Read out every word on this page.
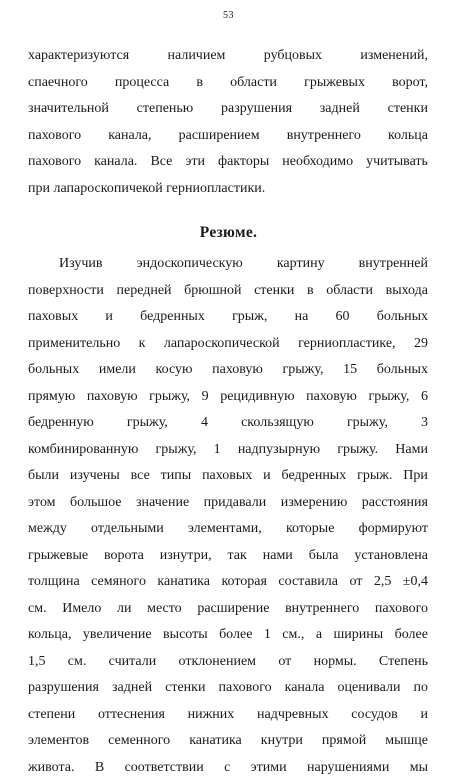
53
характеризуются	наличием	рубцовых	изменений,
спаечного процесса в области грыжевых ворот,
значительной степенью разрушения задней стенки
пахового канала, расширением внутреннего кольца
пахового канала. Все эти факторы необходимо учитывать
при лапароскопичекой герниопластики.
Резюме.
Изучив эндоскопическую картину внутренней
поверхности передней брюшной стенки в области выхода
паховых и бедренных грыж, на 60 больных
применительно к лапароскопической герниопластике, 29
больных имели косую паховую грыжу, 15 больных
прямую паховую грыжу, 9 рецидивную паховую грыжу, 6
бедренную грыжу, 4 скользящую грыжу, 3
комбинированную грыжу, 1 надпузырную грыжу. Нами
были изучены все типы паховых и бедренных грыж. При
этом большое значение придавали измерению расстояния
между отдельными элементами, которые формируют
грыжевые ворота изнутри, так нами была установлена
толщина семяного канатика которая составила от 2,5 ±0,4
см. Имело ли место расширение внутреннего пахового
кольца, увеличение высоты более 1 см., а ширины более
1,5 см. считали отклонением от нормы. Степень
разрушения задней стенки пахового канала оценивали по
степени оттеснения нижних надчревных сосудов и
элементов семенного канатика кнутри прямой мышце
живота. В соответствии с этими нарушениями мы
